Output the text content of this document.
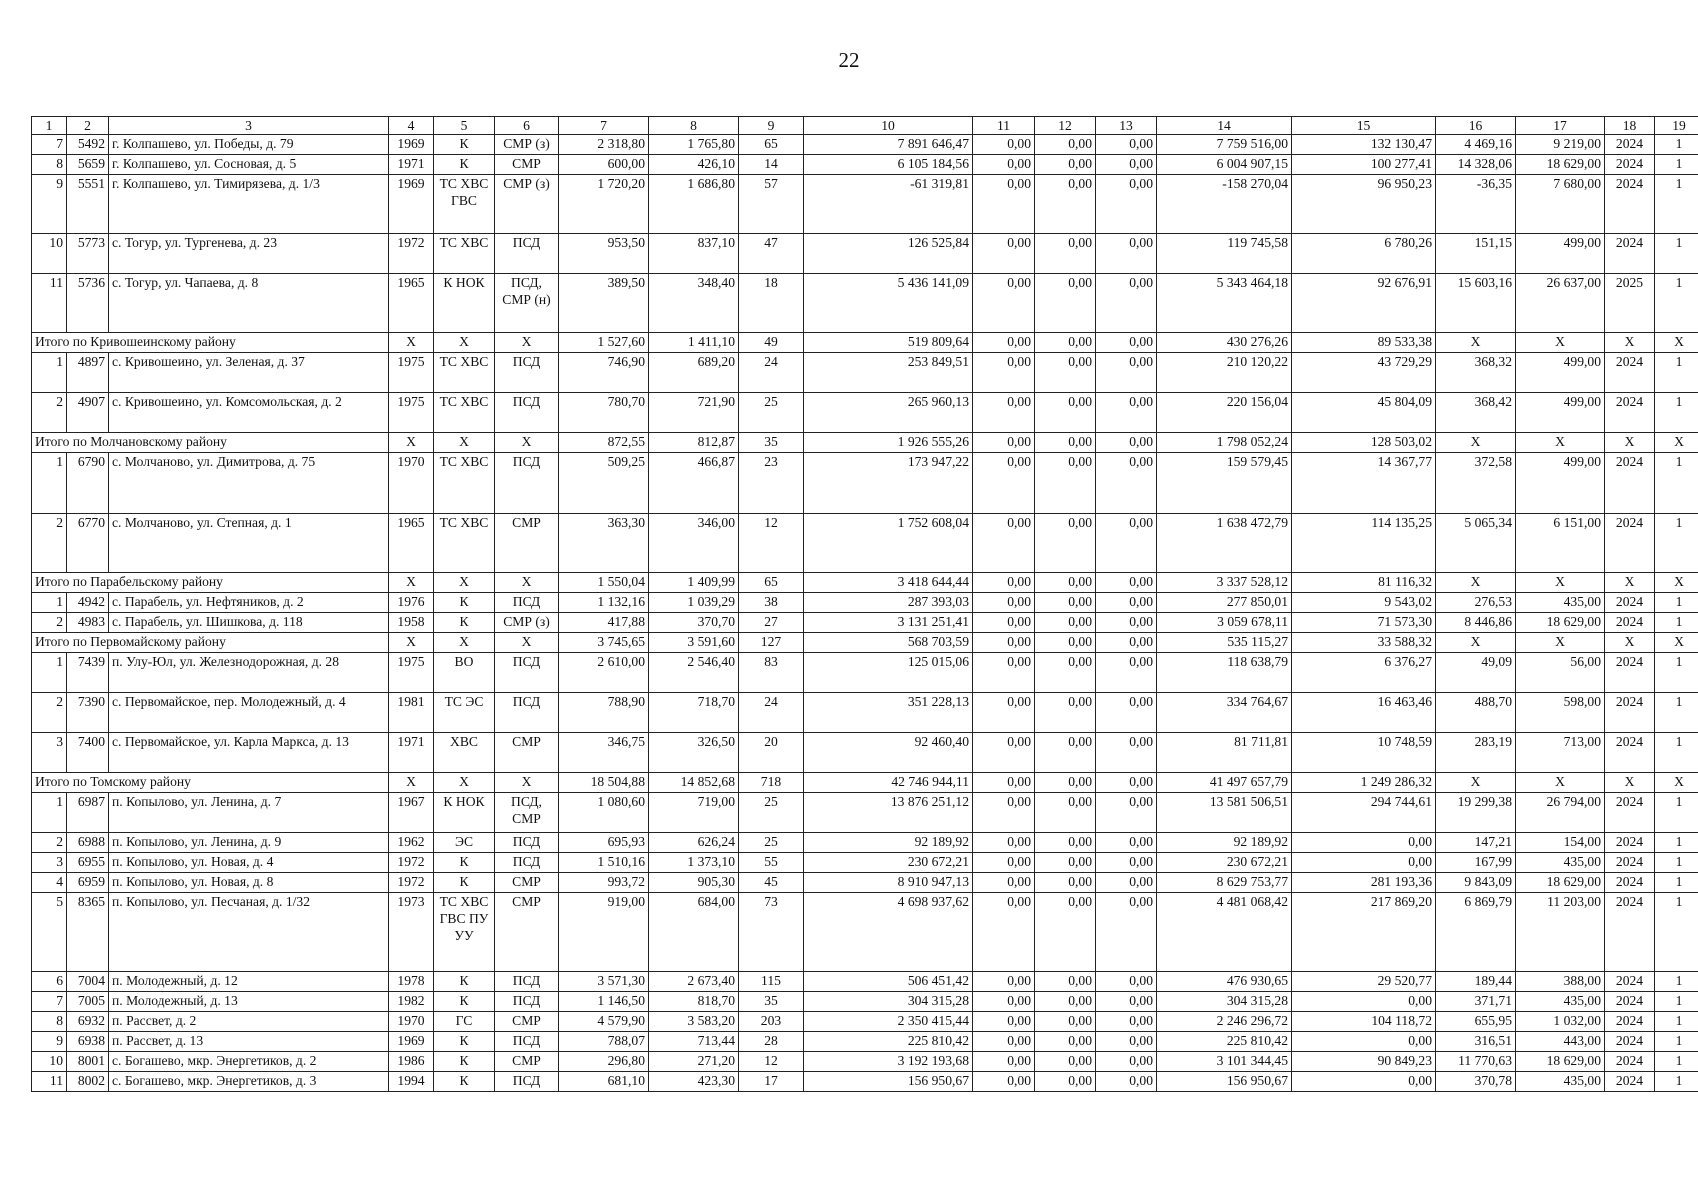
22
1	2	3	4	5	6	7	8	9	10	11	12	13	14	15	16	17	18	19
7	5492	г. Колпашево, ул. Победы, д. 79	1969	К	СМР (з)	2 318,80	1 765,80	65	7 891 646,47	0,00	0,00	0,00	7 759 516,00	132 130,47	4 469,16	9 219,00	2024	1
8	5659	г. Колпашево, ул. Сосновая, д. 5	1971	К	СМР	600,00	426,10	14	6 105 184,56	0,00	0,00	0,00	6 004 907,15	100 277,41	14 328,06	18 629,00	2024	1
9	5551	г. Колпашево, ул. Тимирязева, д. 1/3	1969	ТС ХВС ГВС	СМР (з)	1 720,20	1 686,80	57	-61 319,81	0,00	0,00	0,00	-158 270,04	96 950,23	-36,35	7 680,00	2024	1
10	5773	с. Тогур, ул. Тургенева, д. 23	1972	ТС ХВС	ПСД	953,50	837,10	47	126 525,84	0,00	0,00	0,00	119 745,58	6 780,26	151,15	499,00	2024	1
11	5736	с. Тогур, ул. Чапаева, д. 8	1965	К НОК	ПСД, СМР (н)	389,50	348,40	18	5 436 141,09	0,00	0,00	0,00	5 343 464,18	92 676,91	15 603,16	26 637,00	2025	1
Итого по Кривошеинскому району			Х	Х	Х	1 527,60	1 411,10	49	519 809,64	0,00	0,00	0,00	430 276,26	89 533,38	Х	Х	Х	Х
1	4897	с. Кривошеино, ул. Зеленая, д. 37	1975	ТС ХВС	ПСД	746,90	689,20	24	253 849,51	0,00	0,00	0,00	210 120,22	43 729,29	368,32	499,00	2024	1
2	4907	с. Кривошеино, ул. Комсомольская, д. 2	1975	ТС ХВС	ПСД	780,70	721,90	25	265 960,13	0,00	0,00	0,00	220 156,04	45 804,09	368,42	499,00	2024	1
Итого по Молчановскому району			Х	Х	Х	872,55	812,87	35	1 926 555,26	0,00	0,00	0,00	1 798 052,24	128 503,02	Х	Х	Х	Х
1	6790	с. Молчаново, ул. Димитрова, д. 75	1970	ТС ХВС	ПСД	509,25	466,87	23	173 947,22	0,00	0,00	0,00	159 579,45	14 367,77	372,58	499,00	2024	1
2	6770	с. Молчаново, ул. Степная, д. 1	1965	ТС ХВС	СМР	363,30	346,00	12	1 752 608,04	0,00	0,00	0,00	1 638 472,79	114 135,25	5 065,34	6 151,00	2024	1
Итого по Парабельскому району			Х	Х	Х	1 550,04	1 409,99	65	3 418 644,44	0,00	0,00	0,00	3 337 528,12	81 116,32	Х	Х	Х	Х
1	4942	с. Парабель, ул. Нефтяников, д. 2	1976	К	ПСД	1 132,16	1 039,29	38	287 393,03	0,00	0,00	0,00	277 850,01	9 543,02	276,53	435,00	2024	1
2	4983	с. Парабель, ул. Шишкова, д. 118	1958	К	СМР (з)	417,88	370,70	27	3 131 251,41	0,00	0,00	0,00	3 059 678,11	71 573,30	8 446,86	18 629,00	2024	1
Итого по Первомайскому району			Х	Х	Х	3 745,65	3 591,60	127	568 703,59	0,00	0,00	0,00	535 115,27	33 588,32	Х	Х	Х	Х
1	7439	п. Улу-Юл, ул. Железнодорожная, д. 28	1975	ВО	ПСД	2 610,00	2 546,40	83	125 015,06	0,00	0,00	0,00	118 638,79	6 376,27	49,09	56,00	2024	1
2	7390	с. Первомайское, пер. Молодежный, д. 4	1981	ТС ЭС	ПСД	788,90	718,70	24	351 228,13	0,00	0,00	0,00	334 764,67	16 463,46	488,70	598,00	2024	1
3	7400	с. Первомайское, ул. Карла Маркса, д. 13	1971	ХВС	СМР	346,75	326,50	20	92 460,40	0,00	0,00	0,00	81 711,81	10 748,59	283,19	713,00	2024	1
Итого по Томскому району			Х	Х	Х	18 504,88	14 852,68	718	42 746 944,11	0,00	0,00	0,00	41 497 657,79	1 249 286,32	Х	Х	Х	Х
1	6987	п. Копылово, ул. Ленина, д. 7	1967	К НОК	ПСД, СМР	1 080,60	719,00	25	13 876 251,12	0,00	0,00	0,00	13 581 506,51	294 744,61	19 299,38	26 794,00	2024	1
2	6988	п. Копылово, ул. Ленина, д. 9	1962	ЭС	ПСД	695,93	626,24	25	92 189,92	0,00	0,00	0,00	92 189,92	0,00	147,21	154,00	2024	1
3	6955	п. Копылово, ул. Новая, д. 4	1972	К	ПСД	1 510,16	1 373,10	55	230 672,21	0,00	0,00	0,00	230 672,21	0,00	167,99	435,00	2024	1
4	6959	п. Копылово, ул. Новая, д. 8	1972	К	СМР	993,72	905,30	45	8 910 947,13	0,00	0,00	0,00	8 629 753,77	281 193,36	9 843,09	18 629,00	2024	1
5	8365	п. Копылово, ул. Песчаная, д. 1/32	1973	ТС ХВС ГВС ПУ УУ	СМР	919,00	684,00	73	4 698 937,62	0,00	0,00	0,00	4 481 068,42	217 869,20	6 869,79	11 203,00	2024	1
6	7004	п. Молодежный, д. 12	1978	К	ПСД	3 571,30	2 673,40	115	506 451,42	0,00	0,00	0,00	476 930,65	29 520,77	189,44	388,00	2024	1
7	7005	п. Молодежный, д. 13	1982	К	ПСД	1 146,50	818,70	35	304 315,28	0,00	0,00	0,00	304 315,28	0,00	371,71	435,00	2024	1
8	6932	п. Рассвет, д. 2	1970	ГС	СМР	4 579,90	3 583,20	203	2 350 415,44	0,00	0,00	0,00	2 246 296,72	104 118,72	655,95	1 032,00	2024	1
9	6938	п. Рассвет, д. 13	1969	К	ПСД	788,07	713,44	28	225 810,42	0,00	0,00	0,00	225 810,42	0,00	316,51	443,00	2024	1
10	8001	с. Богашево, мкр. Энергетиков, д. 2	1986	К	СМР	296,80	271,20	12	3 192 193,68	0,00	0,00	0,00	3 101 344,45	90 849,23	11 770,63	18 629,00	2024	1
11	8002	с. Богашево, мкр. Энергетиков, д. 3	1994	К	ПСД	681,10	423,30	17	156 950,67	0,00	0,00	0,00	156 950,67	0,00	370,78	435,00	2024	1
